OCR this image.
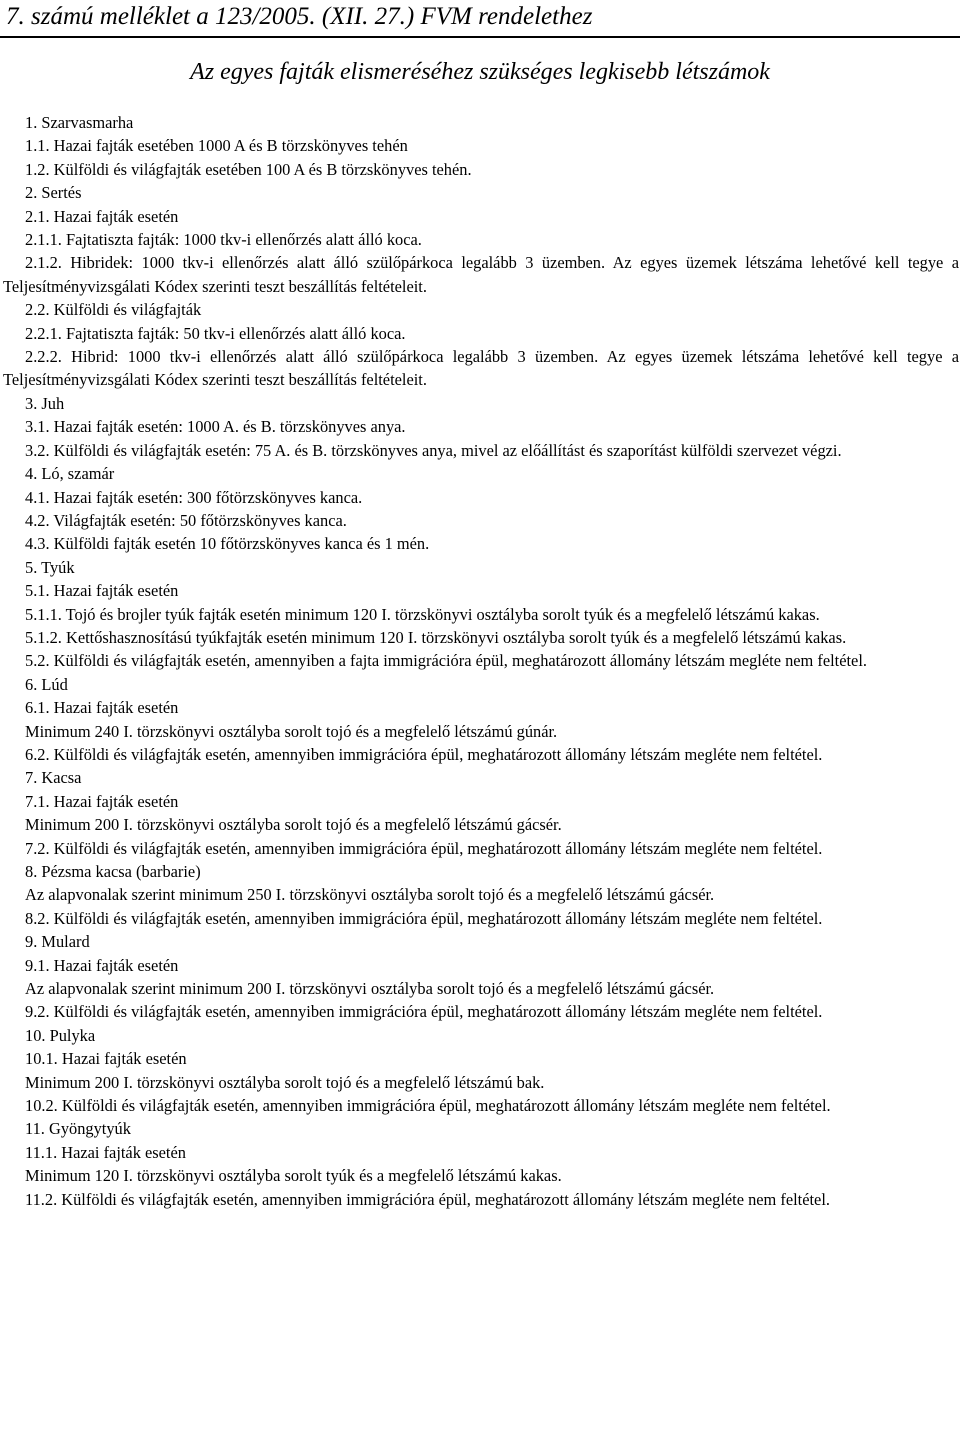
7. számú melléklet a 123/2005. (XII. 27.) FVM rendelethez
Az egyes fajták elismeréséhez szükséges legkisebb létszámok
1. Szarvasmarha
1.1. Hazai fajták esetében 1000 A és B törzskönyves tehén
1.2. Külföldi és világfajták esetében 100 A és B törzskönyves tehén.
2. Sertés
2.1. Hazai fajták esetén
2.1.1. Fajtatiszta fajták: 1000 tkv-i ellenőrzés alatt álló koca.
2.1.2. Hibridek: 1000 tkv-i ellenőrzés alatt álló szülőpárkoca legalább 3 üzemben. Az egyes üzemek létszáma lehetővé kell tegye a Teljesítményvizsgálati Kódex szerinti teszt beszállítás feltételeit.
2.2. Külföldi és világfajták
2.2.1. Fajtatiszta fajták: 50 tkv-i ellenőrzés alatt álló koca.
2.2.2. Hibrid: 1000 tkv-i ellenőrzés alatt álló szülőpárkoca legalább 3 üzemben. Az egyes üzemek létszáma lehetővé kell tegye a Teljesítményvizsgálati Kódex szerinti teszt beszállítás feltételeit.
3. Juh
3.1. Hazai fajták esetén: 1000 A. és B. törzskönyves anya.
3.2. Külföldi és világfajták esetén: 75 A. és B. törzskönyves anya, mivel az előállítást és szaporítást külföldi szervezet végzi.
4. Ló, szamár
4.1. Hazai fajták esetén: 300 főtörzskönyves kanca.
4.2. Világfajták esetén: 50 főtörzskönyves kanca.
4.3. Külföldi fajták esetén 10 főtörzskönyves kanca és 1 mén.
5. Tyúk
5.1. Hazai fajták esetén
5.1.1. Tojó és brojler tyúk fajták esetén minimum 120 I. törzskönyvi osztályba sorolt tyúk és a megfelelő létszámú kakas.
5.1.2. Kettőshasznosítású tyúkfajták esetén minimum 120 I. törzskönyvi osztályba sorolt tyúk és a megfelelő létszámú kakas.
5.2. Külföldi és világfajták esetén, amennyiben a fajta immigrációra épül, meghatározott állomány létszám megléte nem feltétel.
6. Lúd
6.1. Hazai fajták esetén
Minimum 240 I. törzskönyvi osztályba sorolt tojó és a megfelelő létszámú gúnár.
6.2. Külföldi és világfajták esetén, amennyiben immigrációra épül, meghatározott állomány létszám megléte nem feltétel.
7. Kacsa
7.1. Hazai fajták esetén
Minimum 200 I. törzskönyvi osztályba sorolt tojó és a megfelelő létszámú gácsér.
7.2. Külföldi és világfajták esetén, amennyiben immigrációra épül, meghatározott állomány létszám megléte nem feltétel.
8. Pézsma kacsa (barbarie)
Az alapvonalak szerint minimum 250 I. törzskönyvi osztályba sorolt tojó és a megfelelő létszámú gácsér.
8.2. Külföldi és világfajták esetén, amennyiben immigrációra épül, meghatározott állomány létszám megléte nem feltétel.
9. Mulard
9.1. Hazai fajták esetén
Az alapvonalak szerint minimum 200 I. törzskönyvi osztályba sorolt tojó és a megfelelő létszámú gácsér.
9.2. Külföldi és világfajták esetén, amennyiben immigrációra épül, meghatározott állomány létszám megléte nem feltétel.
10. Pulyka
10.1. Hazai fajták esetén
Minimum 200 I. törzskönyvi osztályba sorolt tojó és a megfelelő létszámú bak.
10.2. Külföldi és világfajták esetén, amennyiben immigrációra épül, meghatározott állomány létszám megléte nem feltétel.
11. Gyöngytyúk
11.1. Hazai fajták esetén
Minimum 120 I. törzskönyvi osztályba sorolt tyúk és a megfelelő létszámú kakas.
11.2. Külföldi és világfajták esetén, amennyiben immigrációra épül, meghatározott állomány létszám megléte nem feltétel.
